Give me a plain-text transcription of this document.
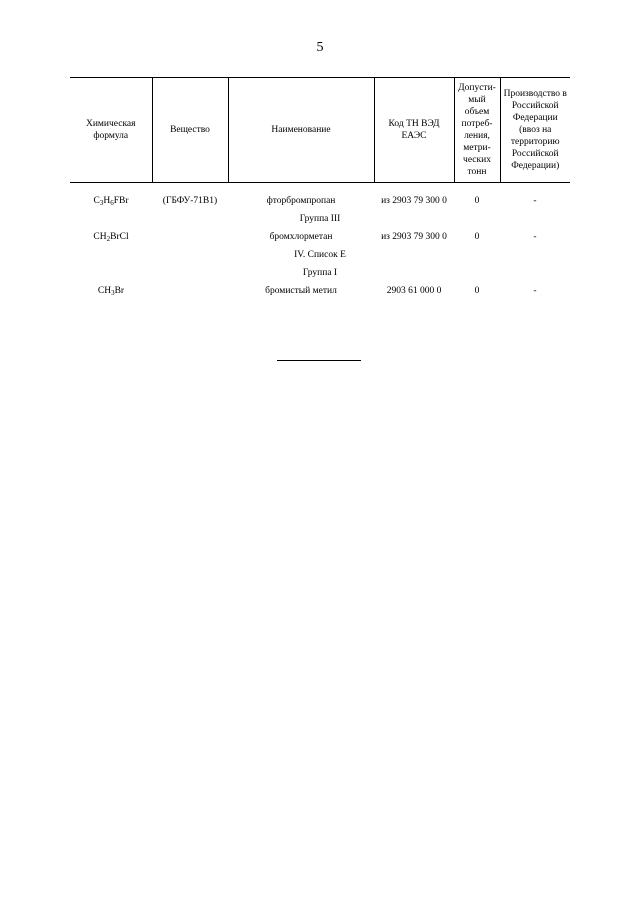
5
Химическая формула	Вещество	Наименование	Код ТН ВЭД ЕАЭС	Допусти- мый объем потреб- ления, метри- ческих тонн	Производство в Российской Федерации (ввоз на территорию Российской Федерации)

$C_3H_6FBr$	(ГБФУ-71В1)	фторбромпропан	из 2903 79 300 0	0	-
Группа III					
$CH_2BrCl$		бромхлорметан	из 2903 79 300 0	0	-
IV. Список Е					
Группа I					
$CH_3Br$		бромистый метил	2903 61 000 0	0	-
